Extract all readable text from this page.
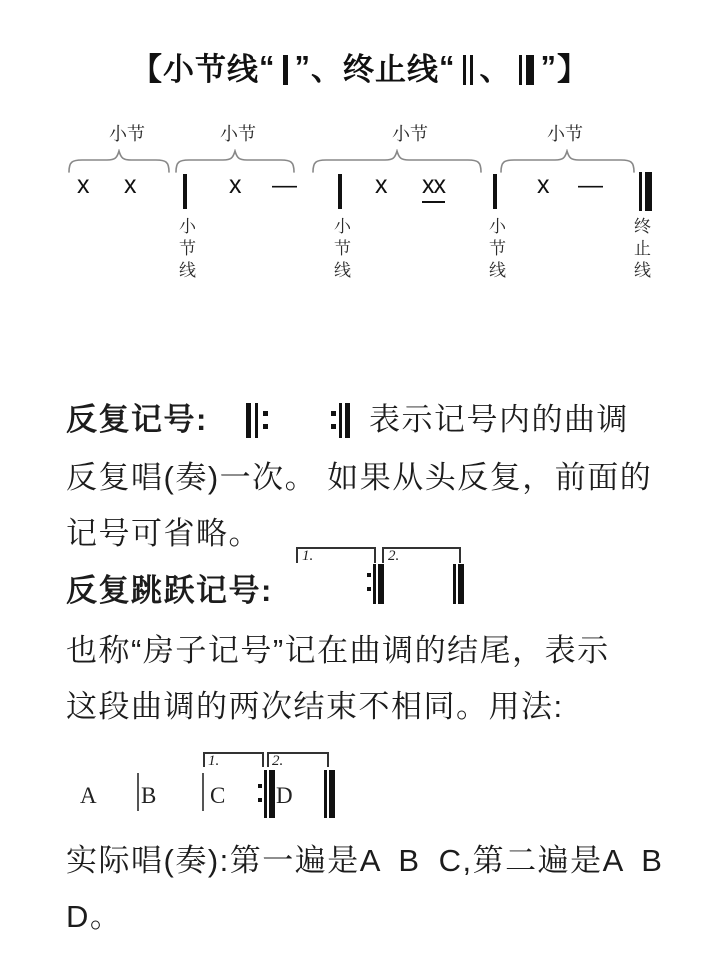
【小节线 “ ” 、终止线 “ 、 ” 】
小节	小节	小节	小节
x x	x —	x xx	x —
小节线	小节线	小节线	终止线
反复记号:	表示记号内的曲调
反复唱(奏)一次。 如果从头反复，前面的
记号可省略。
反复跳跃记号:
1.	2.
也称“房子记号”记在曲调的结尾，表示
这段曲调的两次结束不相同。用法:
A B C
1.	2.
D
实际唱(奏):第一遍是A B C,第二遍是A B
D。
